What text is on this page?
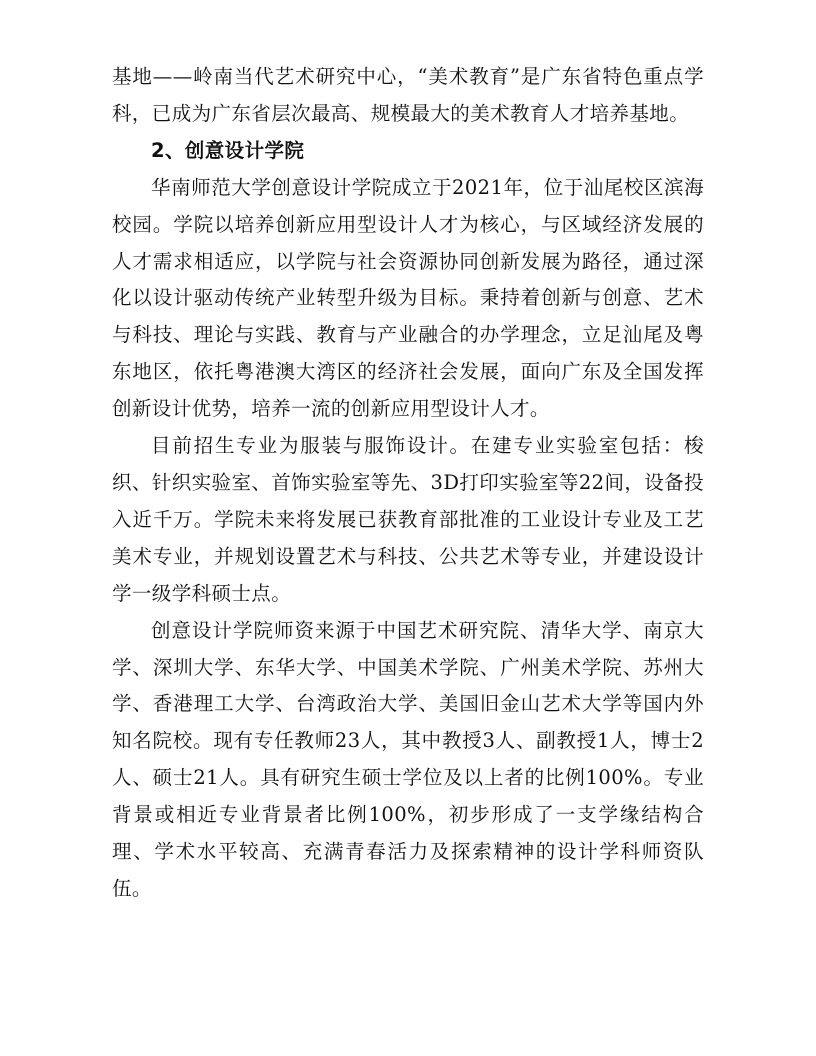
基地——岭南当代艺术研究中心，“美术教育”是广东省特色重点学科，已成为广东省层次最高、规模最大的美术教育人才培养基地。

2、创意设计学院

华南师范大学创意设计学院成立于2021年，位于汕尾校区滨海校园。学院以培养创新应用型设计人才为核心，与区域经济发展的人才需求相适应，以学院与社会资源协同创新发展为路径，通过深化以设计驱动传统产业转型升级为目标。秉持着创新与创意、艺术与科技、理论与实践、教育与产业融合的办学理念，立足汕尾及粤东地区，依托粤港澳大湾区的经济社会发展，面向广东及全国发挥创新设计优势，培养一流的创新应用型设计人才。

目前招生专业为服装与服饰设计。在建专业实验室包括：梭织、针织实验室、首饰实验室等先、3D打印实验室等22间，设备投入近千万。学院未来将发展已获教育部批准的工业设计专业及工艺美术专业，并规划设置艺术与科技、公共艺术等专业，并建设设计学一级学科硕士点。

创意设计学院师资来源于中国艺术研究院、清华大学、南京大学、深圳大学、东华大学、中国美术学院、广州美术学院、苏州大学、香港理工大学、台湾政治大学、美国旧金山艺术大学等国内外知名院校。现有专任教师23人，其中教授3人、副教授1人，博士2人、硕士21人。具有研究生硕士学位及以上者的比例100%。专业背景或相近专业背景者比例100%，初步形成了一支学缘结构合理、学术水平较高、充满青春活力及探索精神的设计学科师资队伍。
